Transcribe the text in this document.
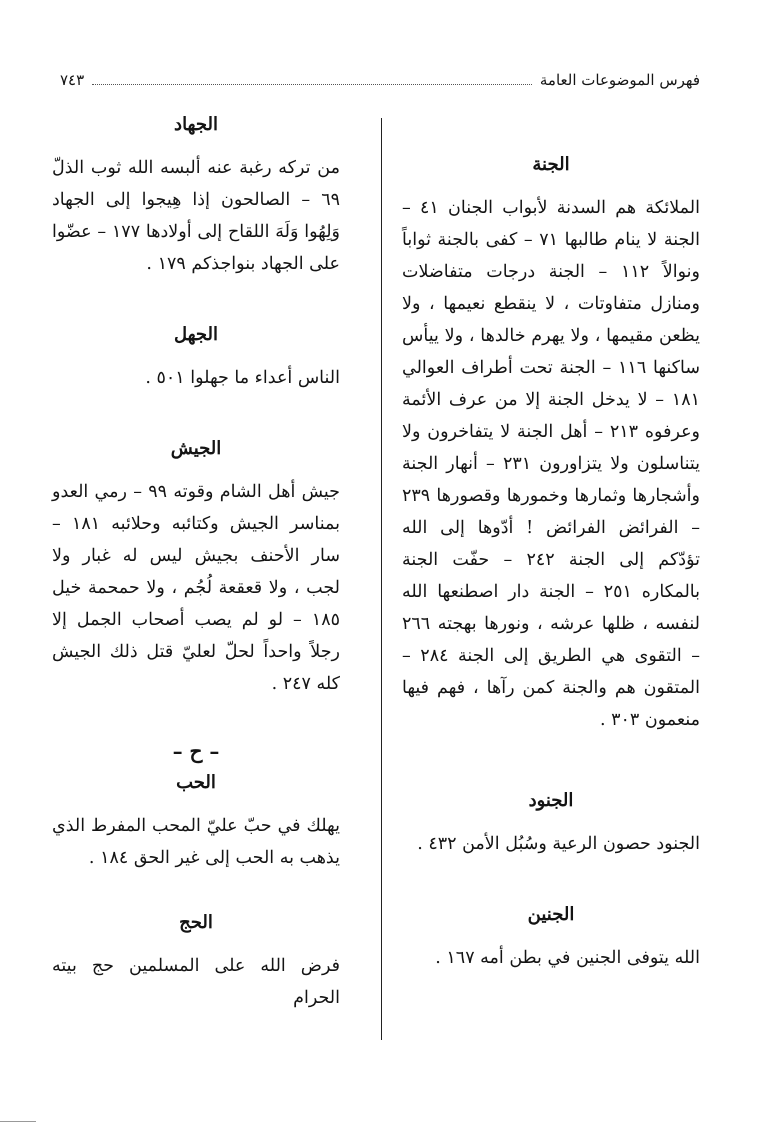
فهرس الموضوعات العامة
٧٤٣
الجنة

الملائكة هم السدنة لأبواب الجنان ٤١ – الجنة لا ينام طالبها ٧١ – كفى بالجنة ثواباً ونوالاً ١١٢ – الجنة درجات متفاضلات ومنازل متفاوتات ، لا ينقطع نعيمها ، ولا يظعن مقيمها ، ولا يهرم خالدها ، ولا ييأس ساكنها ١١٦ – الجنة تحت أطراف العوالي ١٨١ – لا يدخل الجنة إلا من عرف الأئمة وعرفوه ٢١٣ – أهل الجنة لا يتفاخرون ولا يتناسلون ولا يتزاورون ٢٣١ – أنهار الجنة وأشجارها وثمارها وخمورها وقصورها ٢٣٩ – الفرائض الفرائض ! أدّوها إلى الله تؤدّكم إلى الجنة ٢٤٢ – حفّت الجنة بالمكاره ٢٥١ – الجنة دار اصطنعها الله لنفسه ، ظلها عرشه ، ونورها بهجته ٢٦٦ – التقوى هي الطريق إلى الجنة ٢٨٤ – المتقون هم والجنة كمن رآها ، فهم فيها منعمون ٣٠٣ .

الجنود

الجنود حصون الرعية وسُبُل الأمن ٤٣٢ .

الجنين

الله يتوفى الجنين في بطن أمه ١٦٧ .

الجهاد

من تركه رغبة عنه ألبسه الله ثوب الذلّ ٦٩ – الصالحون إذا هِيجوا إلى الجهاد وَلِهُوا وَلَهَ اللقاح إلى أولادها ١٧٧ – عضّوا على الجهاد بنواجذكم ١٧٩ .

الجهل

الناس أعداء ما جهلوا ٥٠١ .

الجيش

جيش أهل الشام وقوته ٩٩ – رمي العدو بمناسر الجيش وكتائبه وحلائبه ١٨١ – سار الأحنف بجيش ليس له غبار ولا لجب ، ولا قعقعة لُجُم ، ولا حمحمة خيل ١٨٥ – لو لم يصب أصحاب الجمل إلا رجلاً واحداً لحلّ لعليّ قتل ذلك الجيش كله ٢٤٧ .

– ح –
الحب

يهلك في حبّ عليّ المحب المفرط الذي يذهب به الحب إلى غير الحق ١٨٤ .

الحج

فرض الله على المسلمين حج بيته الحرام
